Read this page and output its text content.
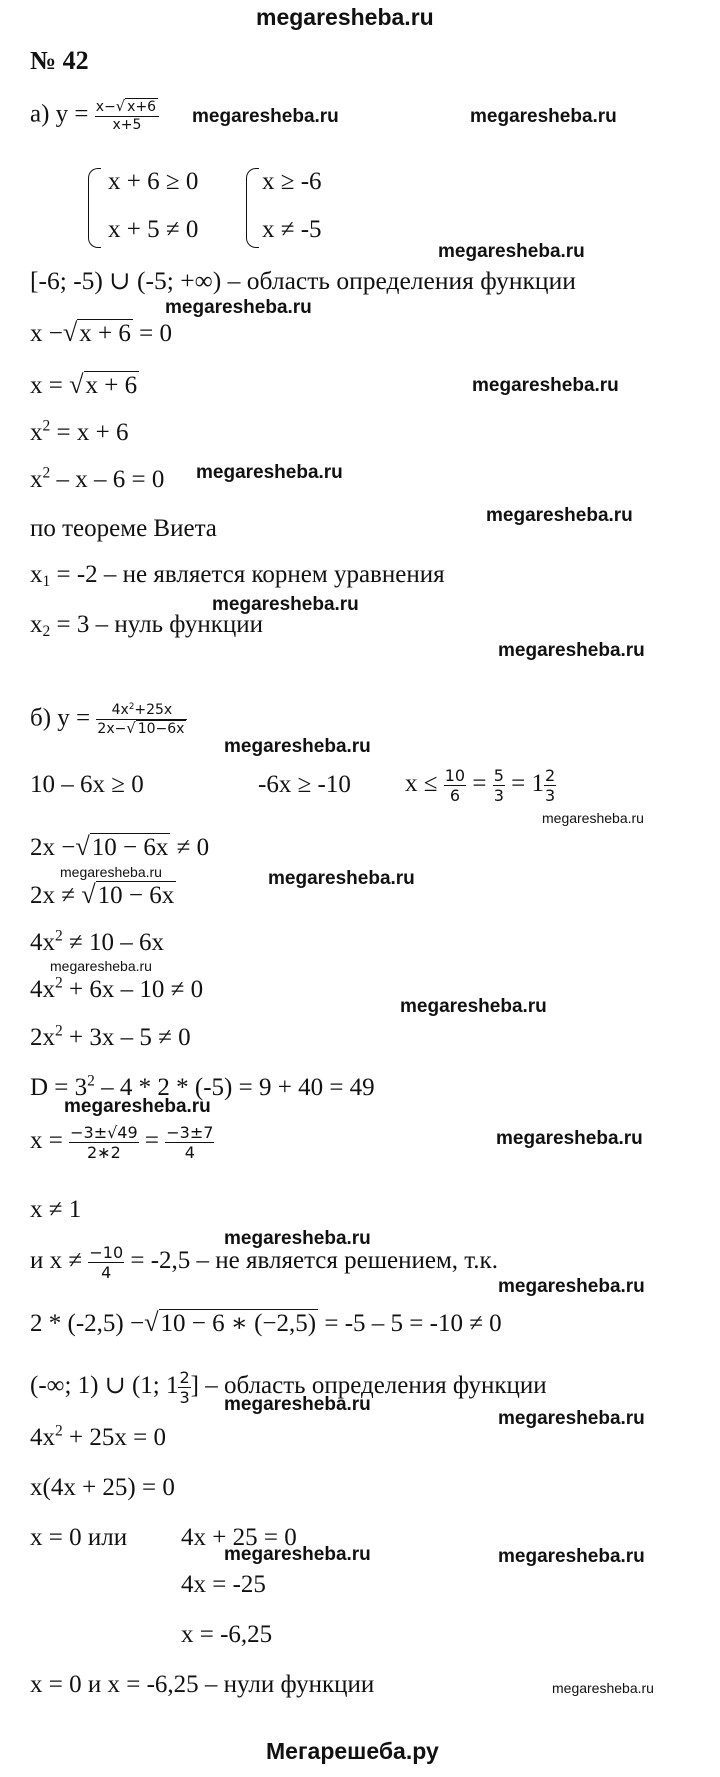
megaresheba.ru
№ 42
а) $y = \frac{x-√ x+6}{x+5}$ megaresheba.ru	megaresheba.ru
x + 6 ≥ 0
x + 5 ≠ 0
x ≥ -6
x ≠ -5
megaresheba.ru
[-6; -5) ∪ (-5; +∞) – область определения функции
megaresheba.ru
x −√x + 6 = 0
x = √x + 6	megaresheba.ru
$x^2 = x + 6$
$x^2 - x - 6 = 0$ megaresheba.ru
по теореме Виета	megaresheba.ru
$x_1 = -2$ – не является корнем уравнения
megaresheba.ru
$x_2 = 3$ – нуль функции
megaresheba.ru
б) $y = \frac{4x^2+25x}{2x-√ 10-6x}$
megaresheba.ru
10 – 6x ≥ 0	-6x ≥ -10 $x \le \frac{10}{6} = \frac{5}{3} = 1 \frac{2}{3}$
megaresheba.ru
2x −√10 − 6x ≠ 0
megaresheba.ru	megaresheba.ru
2x ≠ √10 − 6x
$4x^2 \ne 10 - 6x$
megaresheba.ru
$4x^2 + 6x - 10 \ne 0$
megaresheba.ru
$2x^2 + 3x - 5 \ne 0$
$D = 3^2 - 4 * 2 * (-5) = 9 + 40 = 49$
megaresheba.ru
$x = \frac{-3\pm√49}{2∗2} = \frac{-3\pm 7}{4}$	megaresheba.ru
x ≠ 1
megaresheba.ru
и $x \ne \frac{-10}{4} = -2,5$ – не является решением, т.к.
megaresheba.ru
2 * (-2,5) −√10 − 6 ∗ (−2,5) = -5 – 5 = -10 ≠ 0
(-∞; 1) ∪ (1; $1 \frac{2}{3}$ ] – область определения функции
megaresheba.ru
megaresheba.ru
$4x^2 + 25x = 0$
x(4x + 25) = 0
x = 0 или 4x + 25 = 0
megaresheba.ru	megaresheba.ru
4x = -25
x = -6,25
x = 0 и x = -6,25 – нули функции	megaresheba.ru
Мегарешеба.ру
